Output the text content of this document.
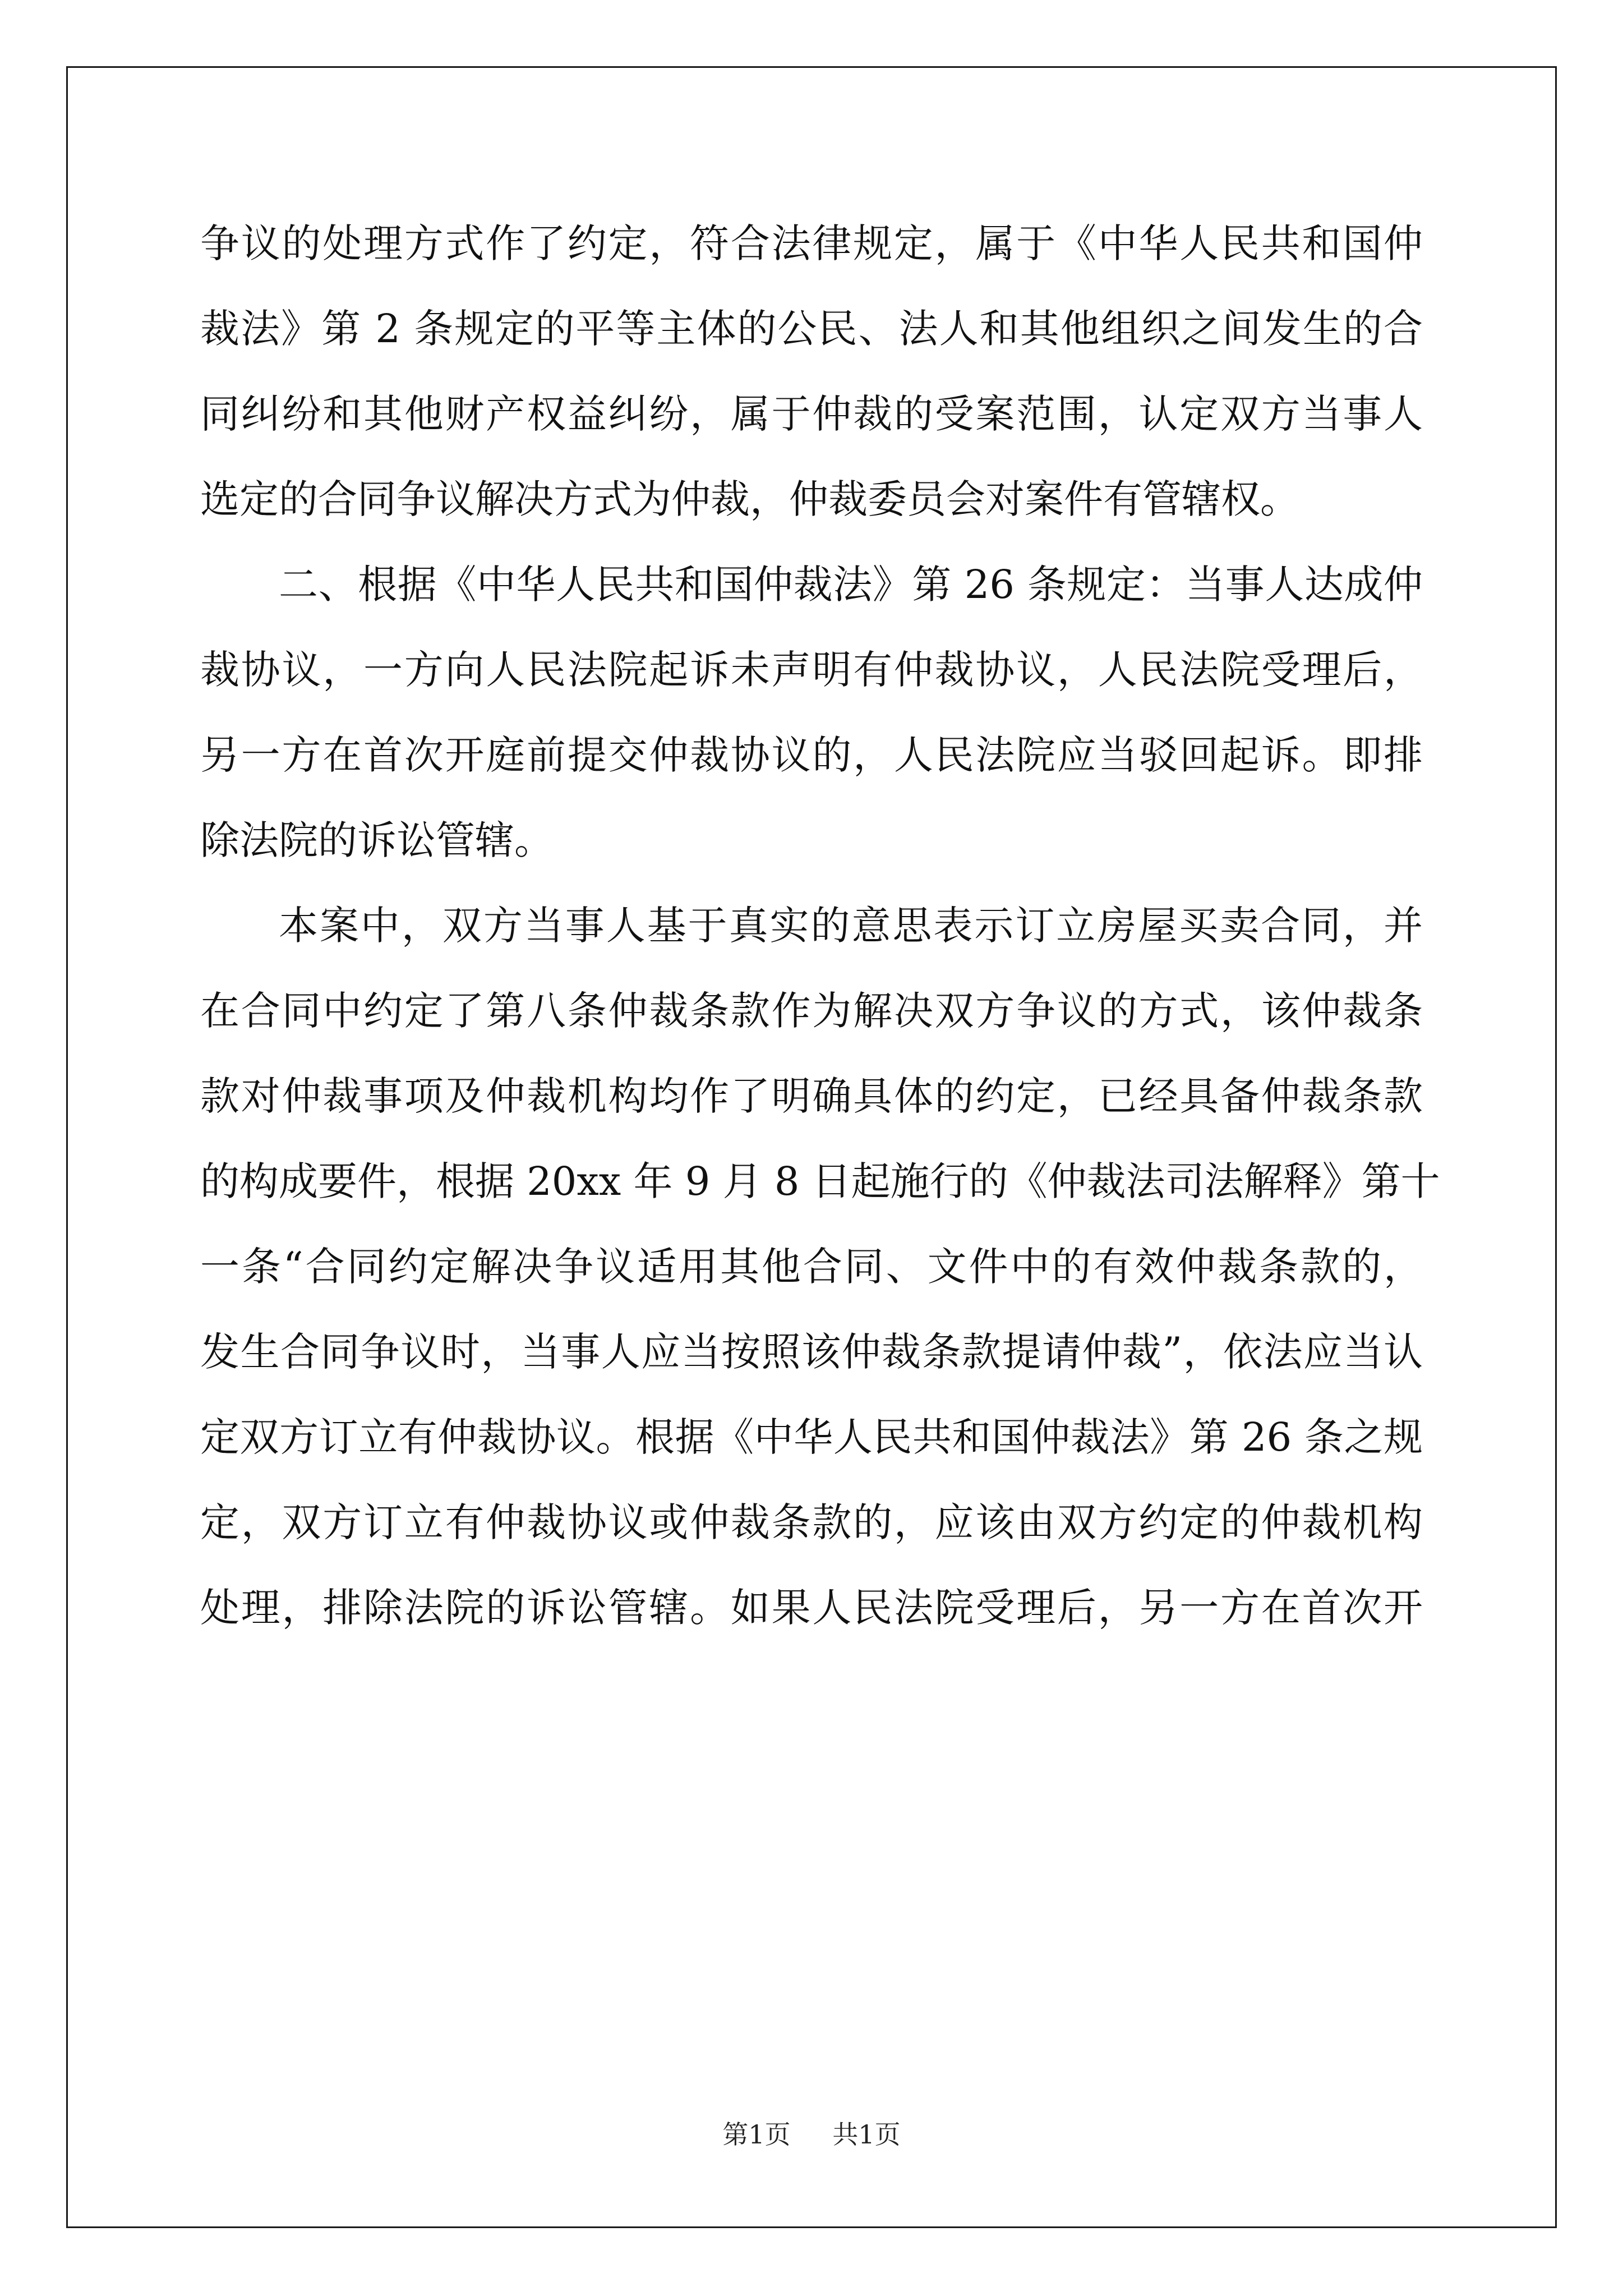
争议的处理方式作了约定，符合法律规定，属于《中华人民共和国仲
裁法》第 2 条规定的平等主体的公民、法人和其他组织之间发生的合
同纠纷和其他财产权益纠纷，属于仲裁的受案范围，认定双方当事人
选定的合同争议解决方式为仲裁，仲裁委员会对案件有管辖权。
二、根据《中华人民共和国仲裁法》第 26 条规定：当事人达成仲
裁协议，一方向人民法院起诉未声明有仲裁协议，人民法院受理后，
另一方在首次开庭前提交仲裁协议的，人民法院应当驳回起诉。即排
除法院的诉讼管辖。
本案中，双方当事人基于真实的意思表示订立房屋买卖合同，并
在合同中约定了第八条仲裁条款作为解决双方争议的方式，该仲裁条
款对仲裁事项及仲裁机构均作了明确具体的约定，已经具备仲裁条款
的构成要件，根据 20xx 年 9 月 8 日起施行的《仲裁法司法解释》第十
一条“合同约定解决争议适用其他合同、文件中的有效仲裁条款的，
发生合同争议时，当事人应当按照该仲裁条款提请仲裁”，依法应当认
定双方订立有仲裁协议。根据《中华人民共和国仲裁法》第 26 条之规
定，双方订立有仲裁协议或仲裁条款的，应该由双方约定的仲裁机构
处理，排除法院的诉讼管辖。如果人民法院受理后，另一方在首次开
第1页 共1页
